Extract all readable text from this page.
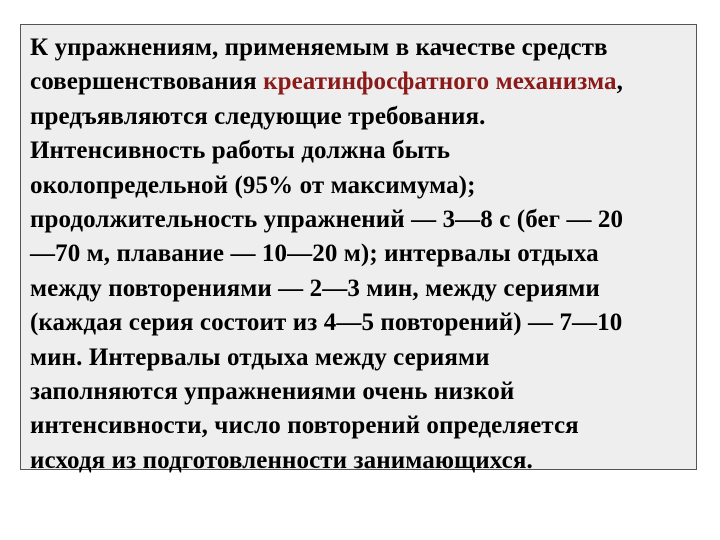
К упражнениям, применяемым в качестве средств
совершенствования креатинфосфатного механизма,
предъявляются следующие требования.
Интенсивность работы должна быть
околопредельной (95% от максимума);
продолжительность упражнений — 3—8 с (бег — 20
—70 м, плавание — 10—20 м); интервалы отдыха
между повторениями — 2—3 мин, между сериями
(каждая серия состоит из 4—5 повторений) — 7—10
мин. Интервалы отдыха между сериями
заполняются упражнениями очень низкой
интенсивности, число повторений определяется
исходя из подготовленности занимающихся.
